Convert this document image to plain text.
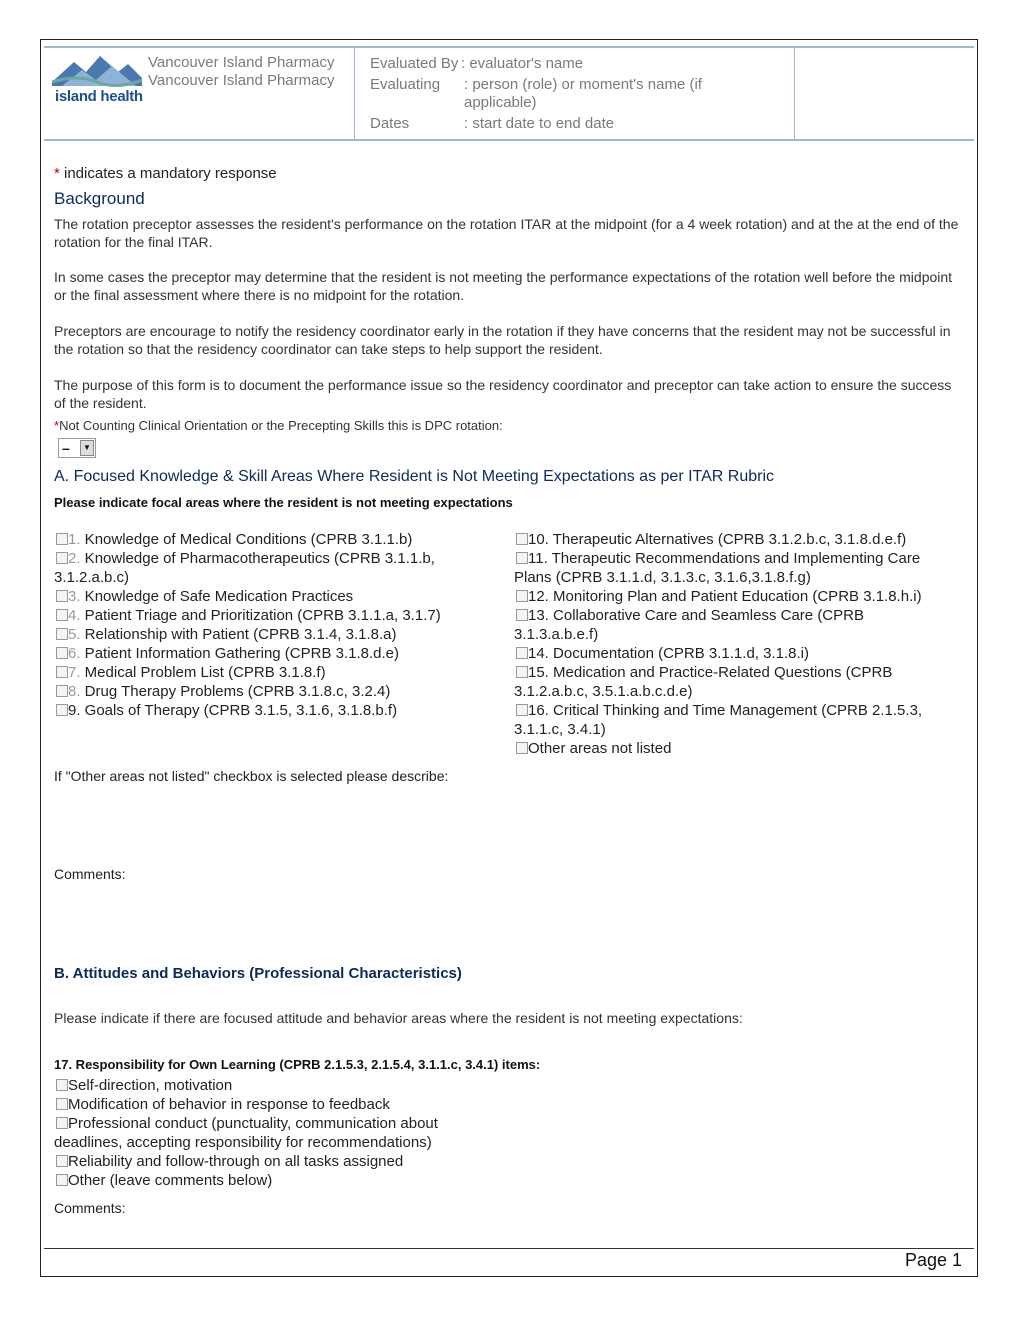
island health
Vancouver Island Pharmacy
Vancouver Island Pharmacy
Evaluated By : evaluator's name
Evaluating : person (role) or moment's name (if applicable)
Dates	: start date to end date
* indicates a mandatory response
Background
The rotation preceptor assesses the resident's performance on the rotation ITAR at the midpoint (for a 4 week rotation) and at the at the end of the rotation for the final ITAR.
In some cases the preceptor may determine that the resident is not meeting the performance expectations of the rotation well before the midpoint or the final assessment where there is no midpoint for the rotation.
Preceptors are encourage to notify the residency coordinator early in the rotation if they have concerns that the resident may not be successful in the rotation so that the residency coordinator can take steps to help support the resident.
The purpose of this form is to document the performance issue so the residency coordinator and preceptor can take action to ensure the success of the resident.
*Not Counting Clinical Orientation or the Precepting Skills this is DPC rotation:
–	▼
A. Focused Knowledge & Skill Areas Where Resident is Not Meeting Expectations as per ITAR Rubric
Please indicate focal areas where the resident is not meeting expectations
1. Knowledge of Medical Conditions (CPRB 3.1.1.b)
2. Knowledge of Pharmacotherapeutics (CPRB 3.1.1.b,
3.1.2.a.b.c)
3. Knowledge of Safe Medication Practices
4. Patient Triage and Prioritization (CPRB 3.1.1.a, 3.1.7)
5. Relationship with Patient (CPRB 3.1.4, 3.1.8.a)
6. Patient Information Gathering (CPRB 3.1.8.d.e)
7. Medical Problem List (CPRB 3.1.8.f)
8. Drug Therapy Problems (CPRB 3.1.8.c, 3.2.4)
9. Goals of Therapy (CPRB 3.1.5, 3.1.6, 3.1.8.b.f)
10. Therapeutic Alternatives (CPRB 3.1.2.b.c, 3.1.8.d.e.f)
11. Therapeutic Recommendations and Implementing Care
Plans (CPRB 3.1.1.d, 3.1.3.c, 3.1.6,3.1.8.f.g)
12. Monitoring Plan and Patient Education (CPRB 3.1.8.h.i)
13. Collaborative Care and Seamless Care (CPRB
3.1.3.a.b.e.f)
14. Documentation (CPRB 3.1.1.d, 3.1.8.i)
15. Medication and Practice-Related Questions (CPRB
3.1.2.a.b.c, 3.5.1.a.b.c.d.e)
16. Critical Thinking and Time Management (CPRB 2.1.5.3,
3.1.1.c, 3.4.1)
Other areas not listed
If "Other areas not listed" checkbox is selected please describe:
Comments:
B. Attitudes and Behaviors (Professional Characteristics)
Please indicate if there are focused attitude and behavior areas where the resident is not meeting expectations:
17. Responsibility for Own Learning (CPRB 2.1.5.3, 2.1.5.4, 3.1.1.c, 3.4.1) items:
Self-direction, motivation
Modification of behavior in response to feedback
Professional conduct (punctuality, communication about
deadlines, accepting responsibility for recommendations)
Reliability and follow-through on all tasks assigned
Other (leave comments below)
Comments:
Page 1
